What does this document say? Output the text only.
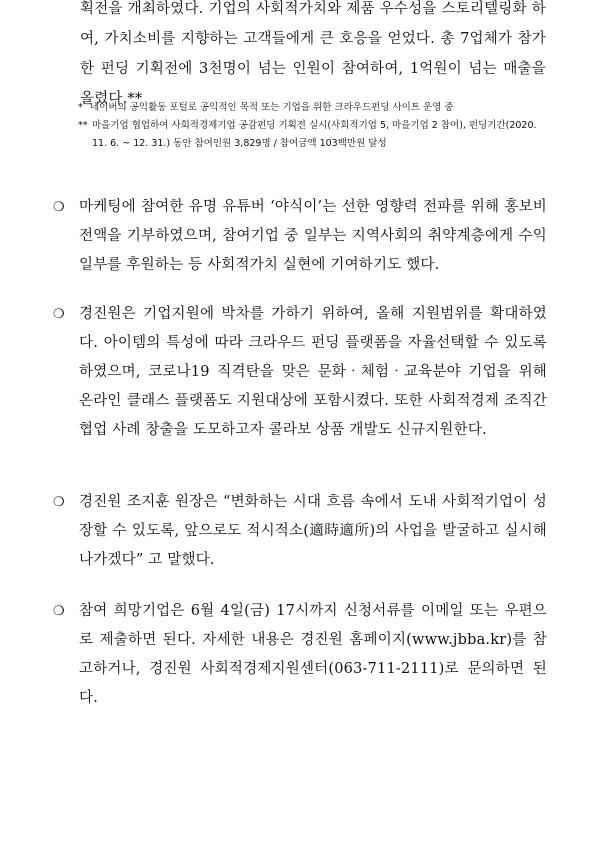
획전을 개최하였다. 기업의 사회적가치와 제품 우수성을 스토리텔링화 하여, 가치소비를 지향하는 고객들에게 큰 호응을 얻었다. 총 7업체가 참가한 펀딩 기획전에 3천명이 넘는 인원이 참여하여, 1억원이 넘는 매출을 올렸다.**

* 네이버의 공익활동 포털로 공익적인 목적 또는 기업을 위한 크라우드펀딩 사이트 운영 중

** 마을기업 협업하여 사회적경제기업 공감펀딩 기획전 실시(사회적기업 5, 마을기업 2 참여), 펀딩기간(2020. 11. 6. ~ 12. 31.) 동안 참여인원 3,829명 / 참여금액 103백만원 달성

❍ 마케팅에 참여한 유명 유튜버 ‘야식이’는 선한 영향력 전파를 위해 홍보비 전액을 기부하였으며, 참여기업 중 일부는 지역사회의 취약계층에게 수익 일부를 후원하는 등 사회적가치 실현에 기여하기도 했다.
❍ 경진원은 기업지원에 박차를 가하기 위하여, 올해 지원범위를 확대하였다. 아이템의 특성에 따라 크라우드 펀딩 플랫폼을 자율선택할 수 있도록 하였으며, 코로나19 직격탄을 맞은 문화‧체험‧교육분야 기업을 위해 온라인 클래스 플랫폼도 지원대상에 포함시켰다. 또한 사회적경제 조직간 협업 사례 창출을 도모하고자 콜라보 상품 개발도 신규지원한다.
❍ 경진원 조지훈 원장은 “변화하는 시대 흐름 속에서 도내 사회적기업이 성장할 수 있도록, 앞으로도 적시적소(適時適所)의 사업을 발굴하고 실시해나가겠다” 고 말했다.
❍ 참여 희망기업은 6월 4일(금) 17시까지 신청서류를 이메일 또는 우편으로 제출하면 된다. 자세한 내용은 경진원 홈페이지(www.jbba.kr)를 참고하거나, 경진원 사회적경제지원센터(063-711-2111)로 문의하면 된다.
